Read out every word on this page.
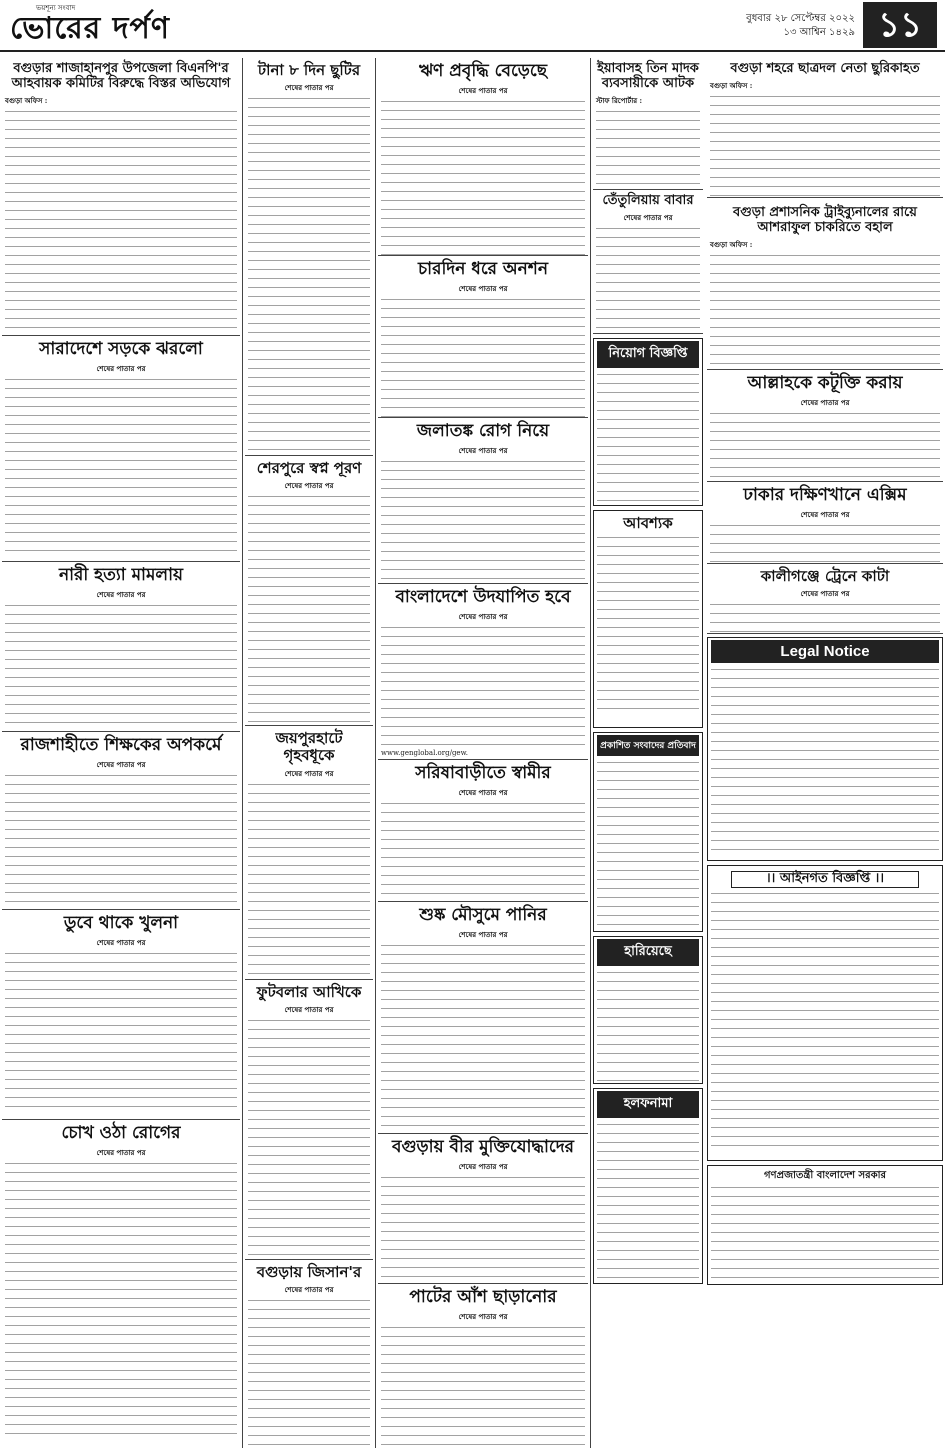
ভয়শূন্য সংবাদ
ভোরের দর্পণ	বুধবার ২৮ সেপ্টেম্বর ২০২২
১৩ আশ্বিন ১৪২৯ ১১
বগুড়ার শাজাহানপুর উপজেলা বিএনপি'র আহবায়ক কমিটির বিরুদ্ধে বিস্তর অভিযোগ
বগুড়া অফিস :
সারাদেশে সড়কে ঝরলো
শেষের পাতার পর
নারী হত্যা মামলায়
শেষের পাতার পর
রাজশাহীতে শিক্ষকের অপকর্মে
শেষের পাতার পর
ডুবে থাকে খুলনা
শেষের পাতার পর
চোখ ওঠা রোগের
শেষের পাতার পর
টানা ৮ দিন ছুটির
শেষের পাতার পর
শেরপুরে স্বপ্ন পূরণ
শেষের পাতার পর
জয়পুরহাটে গৃহবধূকে
শেষের পাতার পর
ফুটবলার আখিকে
শেষের পাতার পর
বগুড়ায় জিসান'র
শেষের পাতার পর
ঋণ প্রবৃদ্ধি বেড়েছে
শেষের পাতার পর
চারদিন ধরে অনশন
শেষের পাতার পর
জলাতঙ্ক রোগ নিয়ে
শেষের পাতার পর
বাংলাদেশে উদযাপিত হবে
শেষের পাতার পর
www.genglobal.org/gew.
সরিষাবাড়ীতে স্বামীর
শেষের পাতার পর
শুষ্ক মৌসুমে পানির
শেষের পাতার পর
বগুড়ায় বীর মুক্তিযোদ্ধাদের
শেষের পাতার পর
পাটের আঁশ ছাড়ানোর
শেষের পাতার পর
ইয়াবাসহ তিন মাদক ব্যবসায়ীকে আটক
স্টাফ রিপোর্টার :
তেঁতুলিয়ায় বাবার
শেষের পাতার পর
নিয়োগ বিজ্ঞপ্তি
আবশ্যক
প্রকাশিত সংবাদের প্রতিবাদ
হারিয়েছে
হলফনামা
বগুড়া শহরে ছাত্রদল নেতা ছুরিকাহত
বগুড়া অফিস :
বগুড়া প্রশাসনিক ট্রাইব্যুনালের রায়ে আশরাফুল চাকরিতে বহাল
বগুড়া অফিস :
আল্লাহকে কটূক্তি করায়
শেষের পাতার পর
ঢাকার দক্ষিণখানে এক্সিম
শেষের পাতার পর
কালীগঞ্জে ট্রেনে কাটা
শেষের পাতার পর
Legal Notice
।। আইনগত বিজ্ঞপ্তি ।।
গণপ্রজাতন্ত্রী বাংলাদেশ সরকার
